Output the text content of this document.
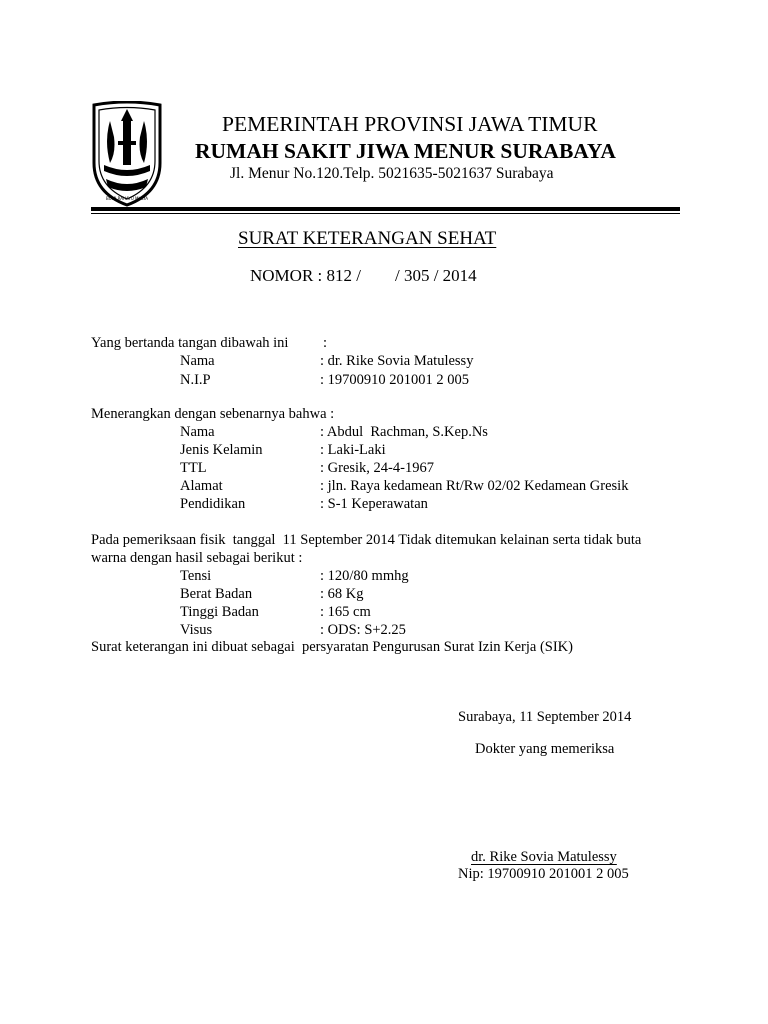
BUMI RAHAYU MULYA
PEMERINTAH PROVINSI JAWA TIMUR
RUMAH SAKIT JIWA MENUR SURABAYA
Jl. Menur No.120.Telp. 5021635-5021637 Surabaya
SURAT KETERANGAN SEHAT
NOMOR : 812 /        / 305 / 2014
Yang bertanda tangan dibawah ini :
Nama	: dr. Rike Sovia Matulessy
N.I.P	: 19700910 201001 2 005
Menerangkan dengan sebenarnya bahwa :
Nama	: Abdul  Rachman, S.Kep.Ns
Jenis Kelamin	: Laki-Laki
TTL	: Gresik, 24-4-1967
Alamat	: jln. Raya kedamean Rt/Rw 02/02 Kedamean Gresik
Pendidikan	: S-1 Keperawatan
Pada pemeriksaan fisik  tanggal  11 September 2014 Tidak ditemukan kelainan serta tidak buta
warna dengan hasil sebagai berikut :
Tensi	: 120/80 mmhg
Berat Badan	: 68 Kg
Tinggi Badan	: 165 cm
Visus	: ODS: S+2.25
Surat keterangan ini dibuat sebagai  persyaratan Pengurusan Surat Izin Kerja (SIK)
Surabaya, 11 September 2014
Dokter yang memeriksa
dr. Rike Sovia Matulessy
Nip: 19700910 201001 2 005
